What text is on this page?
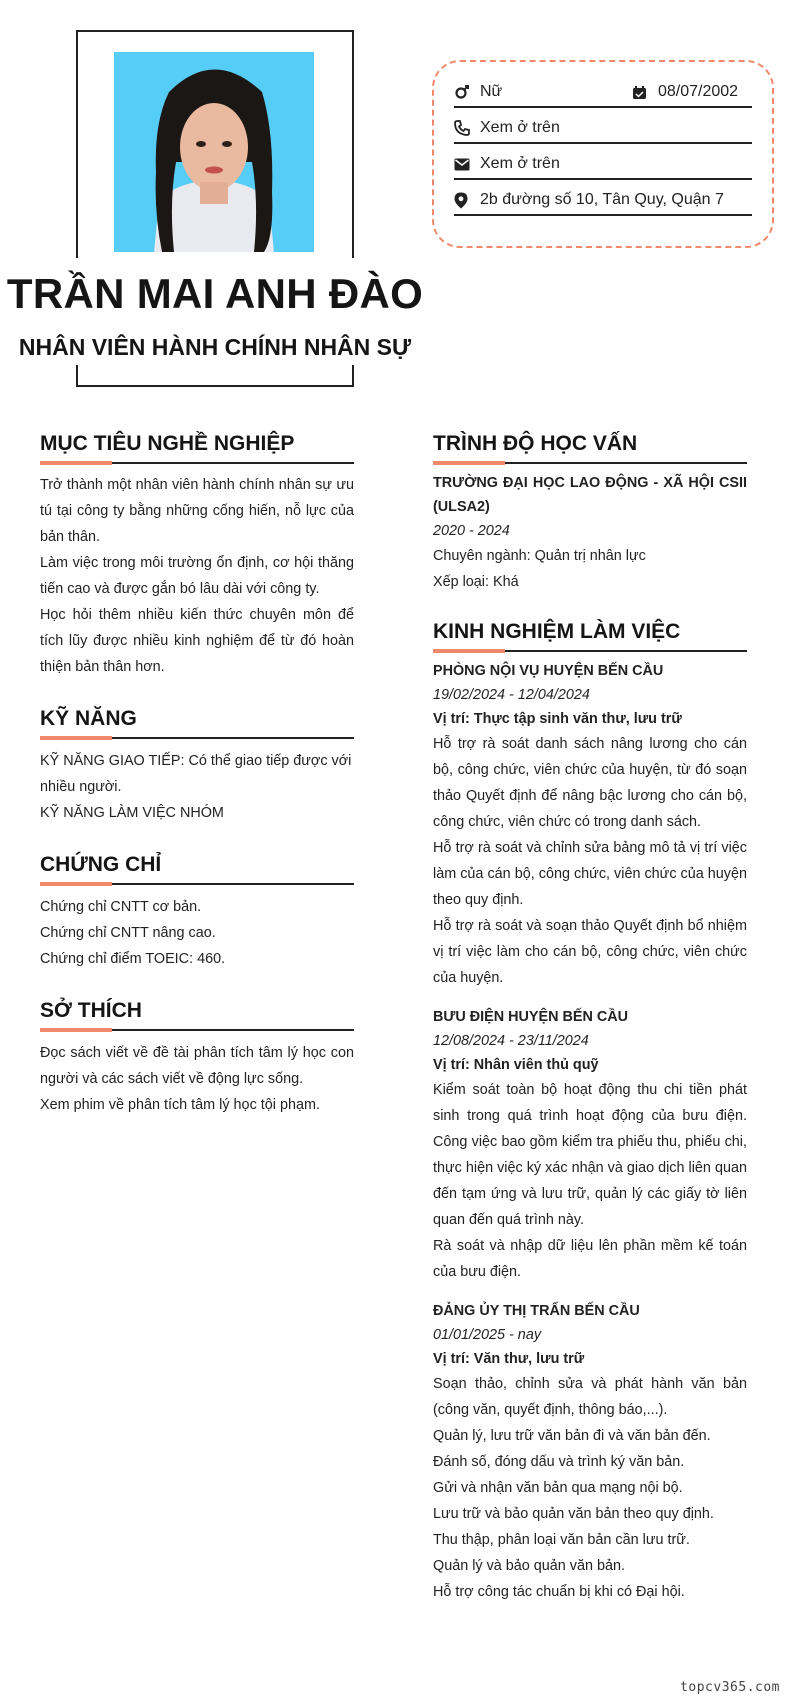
TRẦN MAI ANH ĐÀO
NHÂN VIÊN HÀNH CHÍNH NHÂN SỰ
Nữ	08/07/2002
Xem ở trên
Xem ở trên
2b đường số 10, Tân Quy, Quận 7
MỤC TIÊU NGHỀ NGHIỆP

Trở thành một nhân viên hành chính nhân sự ưu tú tại công ty bằng những cống hiến, nỗ lực của bản thân.

Làm việc trong môi trường ổn định, cơ hội thăng tiến cao và được gắn bó lâu dài với công ty.

Học hỏi thêm nhiều kiến thức chuyên môn để tích lũy được nhiều kinh nghiệm để từ đó hoàn thiện bản thân hơn.

KỸ NĂNG

KỸ NĂNG GIAO TIẾP: Có thể giao tiếp được với nhiều người.

KỸ NĂNG LÀM VIỆC NHÓM

CHỨNG CHỈ

Chứng chỉ CNTT cơ bản.

Chứng chỉ CNTT nâng cao.

Chứng chỉ điểm TOEIC: 460.

SỞ THÍCH

Đọc sách viết về đề tài phân tích tâm lý học con người và các sách viết về động lực sống.

Xem phim về phân tích tâm lý học tội phạm.

TRÌNH ĐỘ HỌC VẤN
TRƯỜNG ĐẠI HỌC LAO ĐỘNG - XÃ HỘI CSII (ULSA2)
2020 - 2024

Chuyên ngành: Quản trị nhân lực

Xếp loại: Khá

KINH NGHIỆM LÀM VIỆC
PHÒNG NỘI VỤ HUYỆN BẾN CẦU
19/02/2024 - 12/04/2024
Vị trí: Thực tập sinh văn thư, lưu trữ

Hỗ trợ rà soát danh sách nâng lương cho cán bộ, công chức, viên chức của huyện, từ đó soạn thảo Quyết định để nâng bậc lương cho cán bộ, công chức, viên chức có trong danh sách.

Hỗ trợ rà soát và chỉnh sửa bảng mô tả vị trí việc làm của cán bộ, công chức, viên chức của huyện theo quy định.

Hỗ trợ rà soát và soạn thảo Quyết định bổ nhiệm vị trí việc làm cho cán bộ, công chức, viên chức của huyện.

BƯU ĐIỆN HUYỆN BẾN CẦU
12/08/2024 - 23/11/2024
Vị trí: Nhân viên thủ quỹ

Kiểm soát toàn bộ hoạt động thu chi tiền phát sinh trong quá trình hoạt động của bưu điện. Công việc bao gồm kiểm tra phiếu thu, phiếu chi, thực hiện việc ký xác nhận và giao dịch liên quan đến tạm ứng và lưu trữ, quản lý các giấy tờ liên quan đến quá trình này.

Rà soát và nhập dữ liệu lên phần mềm kế toán của bưu điện.

ĐẢNG ỦY THỊ TRẤN BẾN CẦU
01/01/2025 - nay
Vị trí: Văn thư, lưu trữ

Soạn thảo, chỉnh sửa và phát hành văn bản (công văn, quyết định, thông báo,...).

Quản lý, lưu trữ văn bản đi và văn bản đến.

Đánh số, đóng dấu và trình ký văn bản.

Gửi và nhận văn bản qua mạng nội bộ.

Lưu trữ và bảo quản văn bản theo quy định.

Thu thập, phân loại văn bản cần lưu trữ.

Quản lý và bảo quản văn bản.

Hỗ trợ công tác chuẩn bị khi có Đại hội.

topcv365.com
